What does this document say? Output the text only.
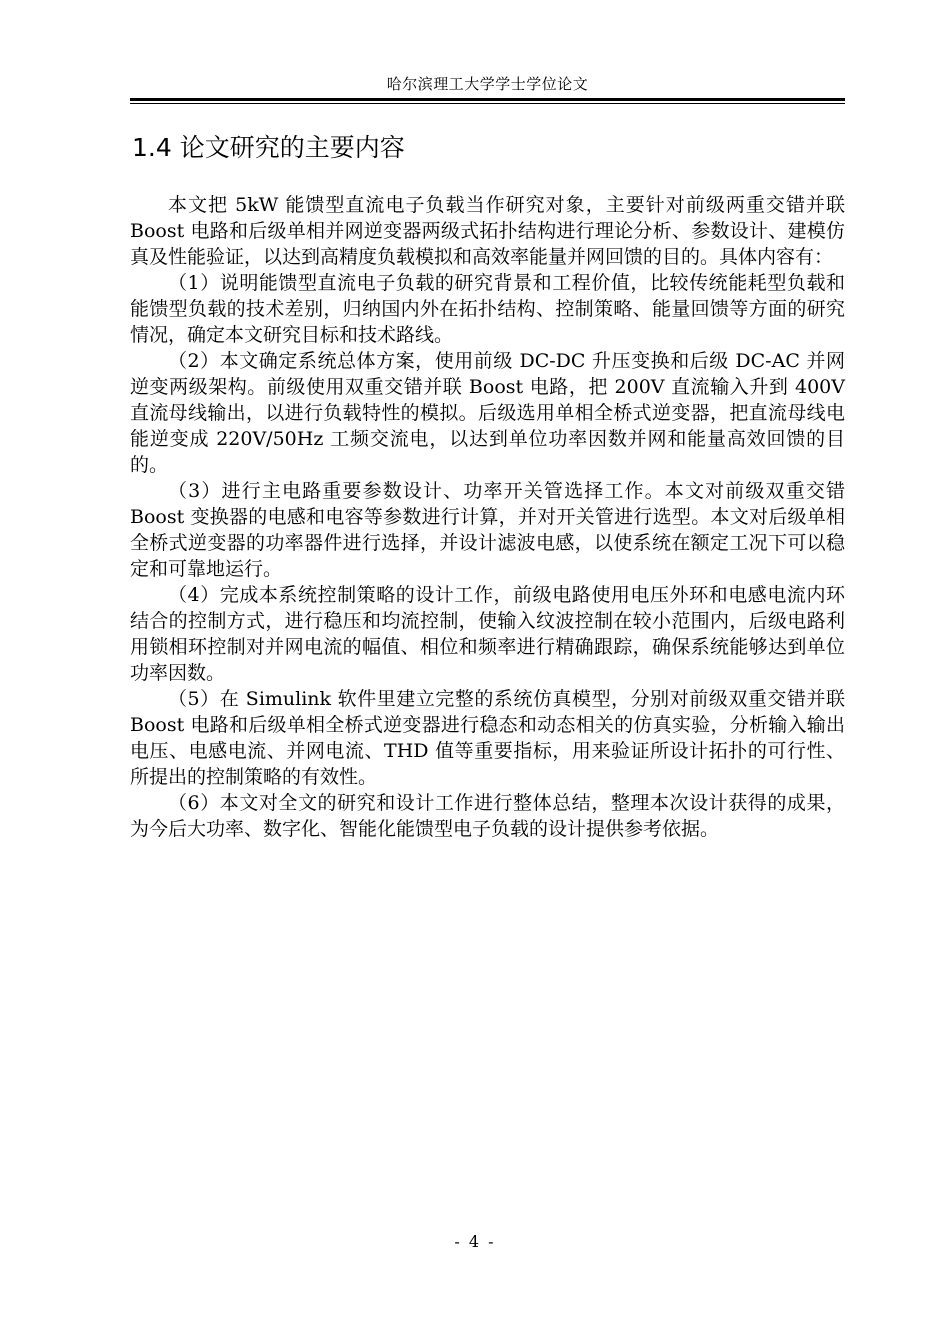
哈尔滨理工大学学士学位论文
1.4 论文研究的主要内容

本文把 5kW 能馈型直流电子负载当作研究对象，主要针对前级两重交错并联 Boost 电路和后级单相并网逆变器两级式拓扑结构进行理论分析、参数设计、建模仿真及性能验证，以达到高精度负载模拟和高效率能量并网回馈的目的。具体内容有：

（1）说明能馈型直流电子负载的研究背景和工程价值，比较传统能耗型负载和能馈型负载的技术差别，归纳国内外在拓扑结构、控制策略、能量回馈等方面的研究情况，确定本文研究目标和技术路线。

（2）本文确定系统总体方案，使用前级 DC-DC 升压变换和后级 DC-AC 并网逆变两级架构。前级使用双重交错并联 Boost 电路，把 200V 直流输入升到 400V 直流母线输出，以进行负载特性的模拟。后级选用单相全桥式逆变器，把直流母线电能逆变成 220V/50Hz 工频交流电，以达到单位功率因数并网和能量高效回馈的目的。

（3）进行主电路重要参数设计、功率开关管选择工作。本文对前级双重交错 Boost 变换器的电感和电容等参数进行计算，并对开关管进行选型。本文对后级单相全桥式逆变器的功率器件进行选择，并设计滤波电感，以使系统在额定工况下可以稳定和可靠地运行。

（4）完成本系统控制策略的设计工作，前级电路使用电压外环和电感电流内环结合的控制方式，进行稳压和均流控制，使输入纹波控制在较小范围内，后级电路利用锁相环控制对并网电流的幅值、相位和频率进行精确跟踪，确保系统能够达到单位功率因数。

（5）在 Simulink 软件里建立完整的系统仿真模型，分别对前级双重交错并联 Boost 电路和后级单相全桥式逆变器进行稳态和动态相关的仿真实验，分析输入输出电压、电感电流、并网电流、THD 值等重要指标，用来验证所设计拓扑的可行性、所提出的控制策略的有效性。

（6）本文对全文的研究和设计工作进行整体总结，整理本次设计获得的成果，为今后大功率、数字化、智能化能馈型电子负载的设计提供参考依据。

- 4 -
